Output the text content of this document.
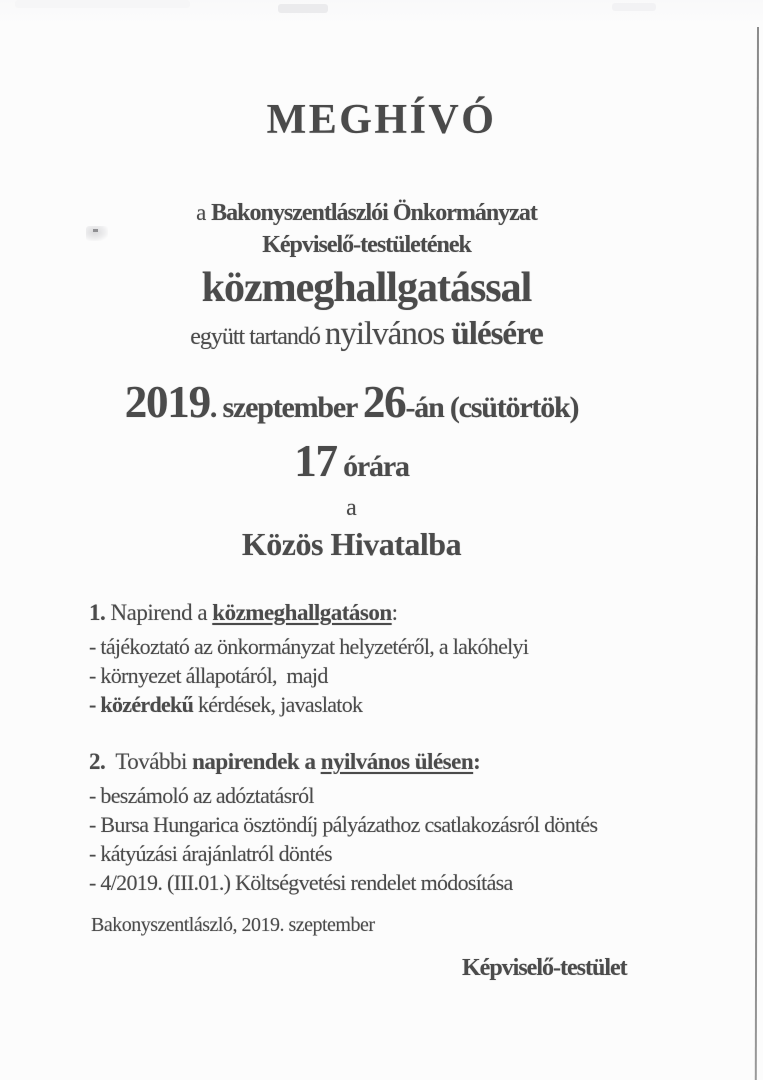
MEGHÍVÓ
a Bakonyszentlászlói Önkormányzat
Képviselő-testületének
közmeghallgatással
együtt tartandó nyilvános ülésére
2019. szeptember 26-án (csütörtök)
17 órára
a
Közös Hivatalba
1. Napirend a közmeghallgatáson:
- tájékoztató az önkormányzat helyzetéről, a lakóhelyi
- környezet állapotáról,  majd
- közérdekű kérdések, javaslatok
2.  További napirendek a nyilvános ülésen:
- beszámoló az adóztatásról
- Bursa Hungarica ösztöndíj pályázathoz csatlakozásról döntés
- kátyúzási árajánlatról döntés
- 4/2019. (III.01.) Költségvetési rendelet módosítása
Bakonyszentlászló, 2019. szeptember
Képviselő-testület
